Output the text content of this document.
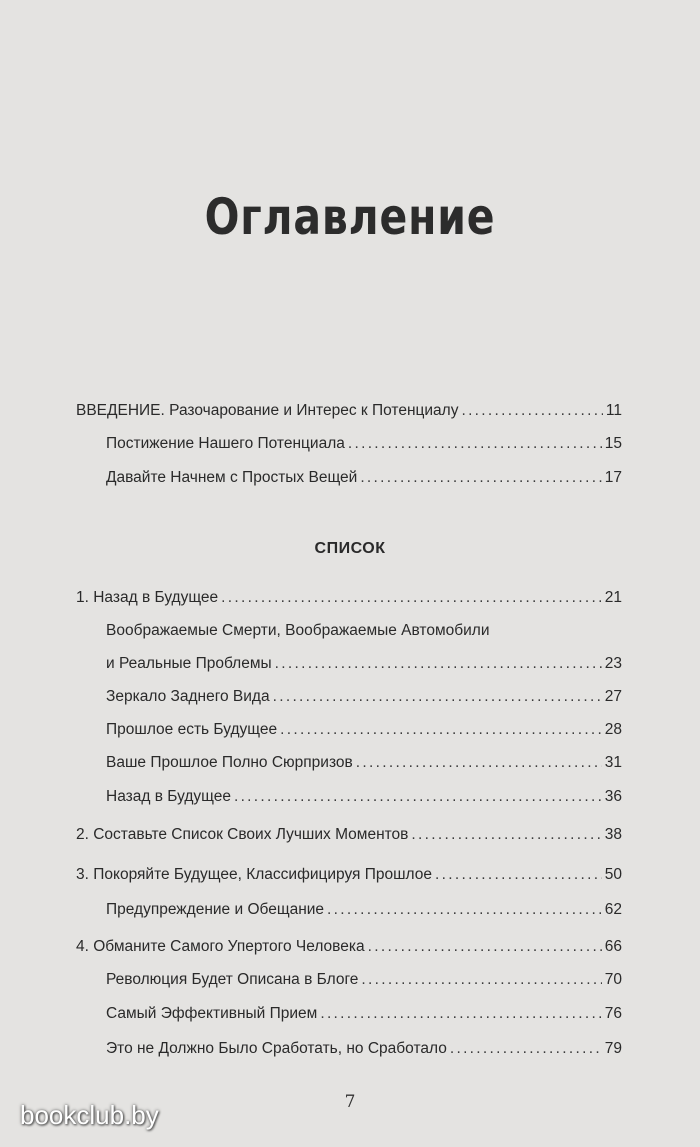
Оглавление
ВВЕДЕНИЕ. Разочарование и Интерес к Потенциалу . . .	11
Постижение Нашего Потенциала . . .	15
Давайте Начнем с Простых Вещей . . .	17
СПИСОК
1. Назад в Будущее . . .	21
Воображаемые Смерти, Воображаемые Автомобили
и Реальные Проблемы . . .	23
Зеркало Заднего Вида . . .	27
Прошлое есть Будущее . . .	28
Ваше Прошлое Полно Сюрпризов . . .	31
Назад в Будущее . . .	36
2. Составьте Список Своих Лучших Моментов . . .	38
3. Покоряйте Будущее, Классифицируя Прошлое . . .	50
Предупреждение и Обещание . . .	62
4. Обманите Самого Упертого Человека . . .	66
Революция Будет Описана в Блоге . . .	70
Самый Эффективный Прием . . .	76
Это не Должно Было Сработать, но Сработало . . .	79
7
bookclub.by
